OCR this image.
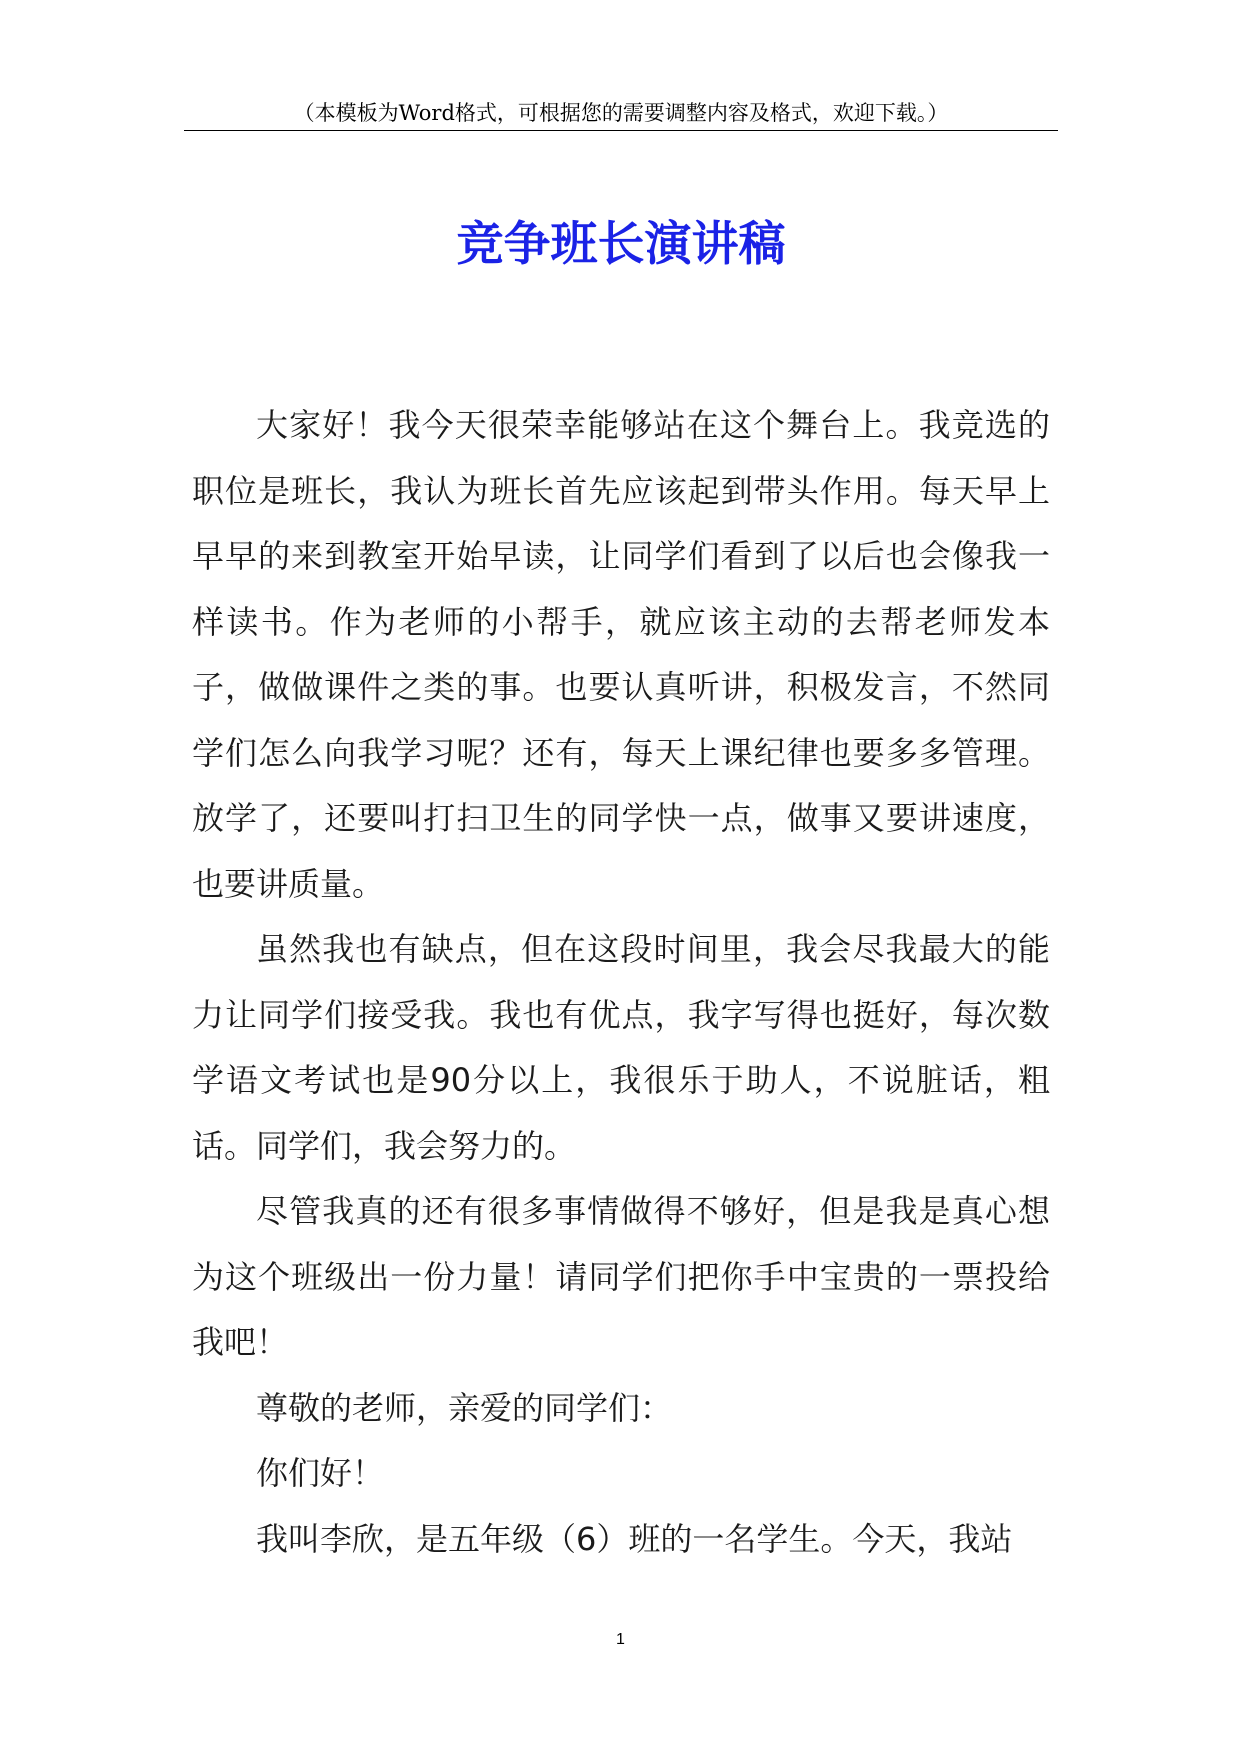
（本模板为Word格式，可根据您的需要调整内容及格式，欢迎下载。）
竞争班长演讲稿

大家好！我今天很荣幸能够站在这个舞台上。我竞选的职位是班长，我认为班长首先应该起到带头作用。每天早上早早的来到教室开始早读，让同学们看到了以后也会像我一样读书。作为老师的小帮手，就应该主动的去帮老师发本子，做做课件之类的事。也要认真听讲，积极发言，不然同学们怎么向我学习呢？还有，每天上课纪律也要多多管理。放学了，还要叫打扫卫生的同学快一点，做事又要讲速度，也要讲质量。

虽然我也有缺点，但在这段时间里，我会尽我最大的能力让同学们接受我。我也有优点，我字写得也挺好，每次数学语文考试也是90分以上，我很乐于助人，不说脏话，粗话。同学们，我会努力的。

尽管我真的还有很多事情做得不够好，但是我是真心想为这个班级出一份力量！请同学们把你手中宝贵的一票投给我吧！

尊敬的老师，亲爱的同学们：

你们好！

我叫李欣，是五年级（6）班的一名学生。今天，我站

1
